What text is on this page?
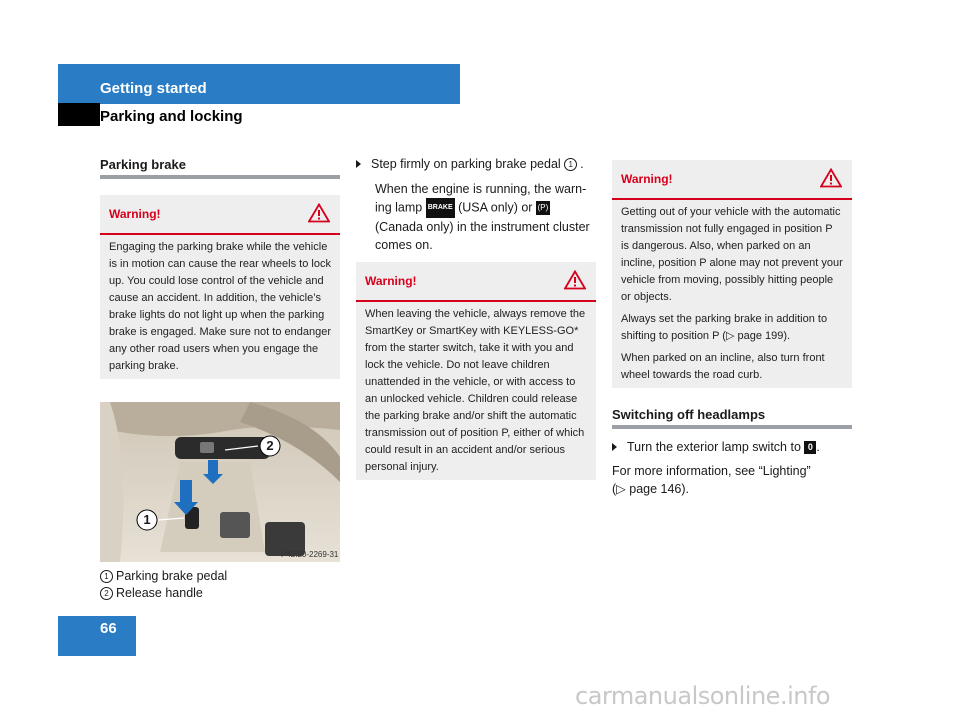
Getting started
Parking and locking
Parking brake
Warning!
Engaging the parking brake while the vehicle is in motion can cause the rear wheels to lock up. You could lose control of the vehicle and cause an accident. In addition, the vehicle’s brake lights do not light up when the parking brake is engaged. Make sure not to endanger any other road users when you engage the parking brake.
2
1
P42.20-2269-31
1 Parking brake pedal
2 Release handle
Step firmly on parking brake pedal 1 .
When the engine is running, the warn-
ing lamp BRAKE (USA only) or (P)
(Canada only) in the instrument cluster comes on.
Warning!
When leaving the vehicle, always remove the SmartKey or SmartKey with KEYLESS-GO* from the starter switch, take it with you and lock the vehicle. Do not leave children unattended in the vehicle, or with access to an unlocked vehicle. Children could release the parking brake and/or shift the automatic transmission out of position P, either of which could result in an accident and/or serious personal injury.
Warning!

Getting out of your vehicle with the automatic transmission not fully engaged in position P is dangerous. Also, when parked on an incline, position P alone may not prevent your vehicle from moving, possibly hitting people or objects.

Always set the parking brake in addition to shifting to position P (▷ page 199).

When parked on an incline, also turn front wheel towards the road curb.

Switching off headlamps
Turn the exterior lamp switch to 0 .
For more information, see “Lighting”
(▷ page 146).
66
carmanualsonline.info
